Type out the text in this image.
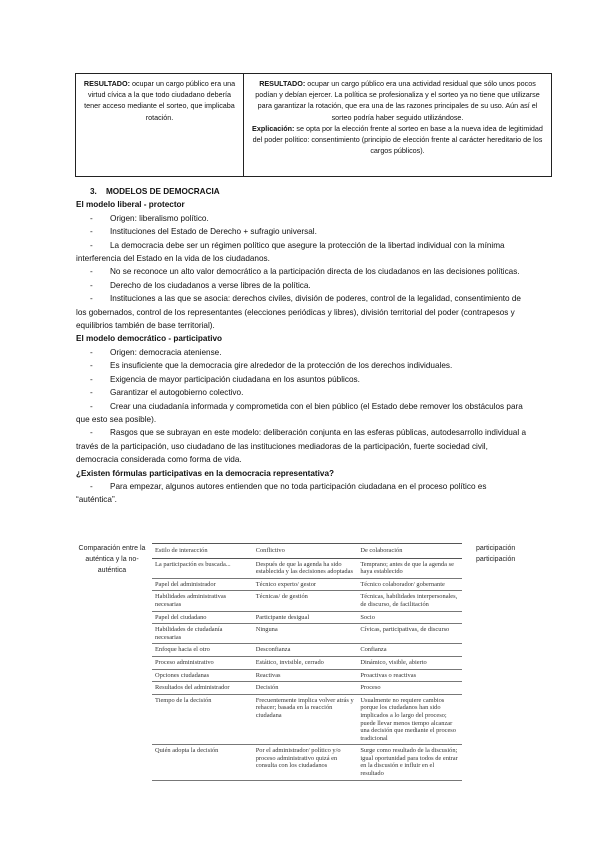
RESULTADO: ocupar un cargo público era una virtud cívica a la que todo ciudadano debería tener acceso mediante el sorteo, que implicaba rotación.
RESULTADO: ocupar un cargo público era una actividad residual que sólo unos pocos podían y debían ejercer. La política se profesionaliza y el sorteo ya no tiene que utilizarse para garantizar la rotación, que era una de las razones principales de su uso. Aún así el sorteo podría haber seguido utilizándose.
Explicación: se opta por la elección frente al sorteo en base a la nueva idea de legitimidad del poder político: consentimiento (principio de elección frente al carácter hereditario de los cargos públicos).

3. MODELOS DE DEMOCRACIA

El modelo liberal - protector

- Origen: liberalismo político.

- Instituciones del Estado de Derecho + sufragio universal.

- La democracia debe ser un régimen político que asegure la protección de la libertad individual con la mínima interferencia del Estado en la vida de los ciudadanos.

- No se reconoce un alto valor democrático a la participación directa de los ciudadanos en las decisiones políticas.

- Derecho de los ciudadanos a verse libres de la política.

- Instituciones a las que se asocia: derechos civiles, división de poderes, control de la legalidad, consentimiento de los gobernados, control de los representantes (elecciones periódicas y libres), división territorial del poder (contrapesos y equilibrios también de base territorial).

El modelo democrático - participativo

- Origen: democracia ateniense.

- Es insuficiente que la democracia gire alrededor de la protección de los derechos individuales.

- Exigencia de mayor participación ciudadana en los asuntos públicos.

- Garantizar el autogobierno colectivo.

- Crear una ciudadanía informada y comprometida con el bien público (el Estado debe remover los obstáculos para que esto sea posible).

- Rasgos que se subrayan en este modelo: deliberación conjunta en las esferas públicas, autodesarrollo individual a través de la participación, uso ciudadano de las instituciones mediadoras de la participación, fuerte sociedad civil, democracia considerada como forma de vida.

¿Existen fórmulas participativas en la democracia representativa?

- Para empezar, algunos autores entienden que no toda participación ciudadana en el proceso político es “auténtica”.

Comparación entre la auténtica y la no-auténtica
participación
participación
Estilo de interacción	Conflictivo	De colaboración
La participación es buscada...	Después de que la agenda ha sido establecida y las decisiones adoptadas	Temprano; antes de que la agenda se haya establecido
Papel del administrador	Técnico experto/ gestor	Técnico colaborador/ gobernante
Habilidades administrativas necesarias	Técnicas/ de gestión	Técnicas, habilidades interpersonales, de discurso, de facilitación
Papel del ciudadano	Participante desigual	Socio
Habilidades de ciudadanía necesarias	Ninguna	Cívicas, participativas, de discurso
Enfoque hacia el otro	Desconfianza	Confianza
Proceso administrativo	Estático, invisible, cerrado	Dinámico, visible, abierto
Opciones ciudadanas	Reactivas	Proactivas o reactivas
Resultados del administrador	Decisión	Proceso
Tiempo de la decisión	Frecuentemente implica volver atrás y rehacer; basada en la reacción ciudadana	Usualmente no requiere cambios porque los ciudadanos han sido implicados a lo largo del proceso; puede llevar menos tiempo alcanzar una decisión que mediante el proceso tradicional
Quién adopta la decisión	Por el administrador/ político y/o proceso administrativo quizá en consulta con los ciudadanos	Surge como resultado de la discusión; igual oportunidad para todos de entrar en la discusión e influir en el resultado
